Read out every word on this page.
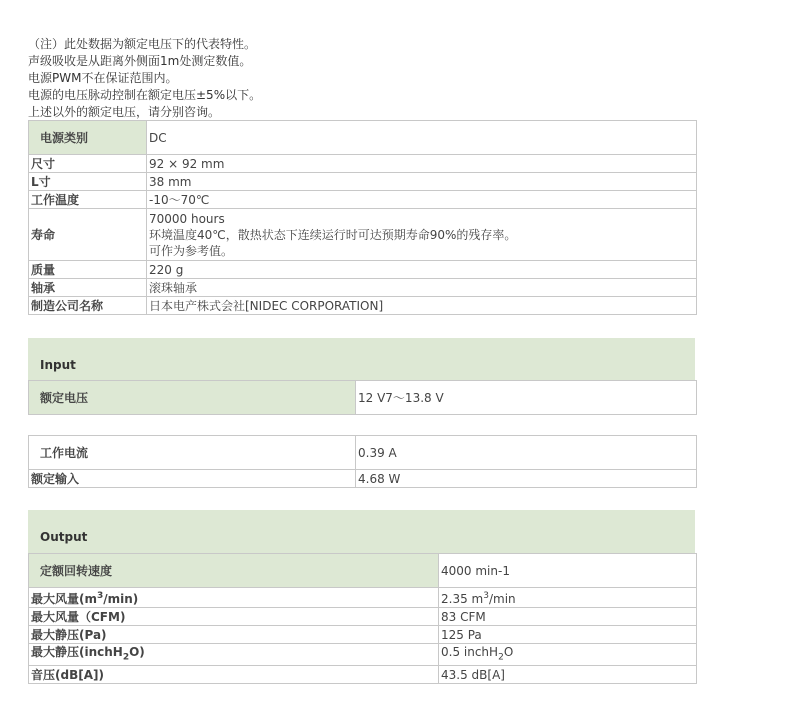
（注）此处数据为额定电压下的代表特性。
声级吸收是从距离外侧面1m处测定数值。
电源PWM不在保证范围内。
电源的电压脉动控制在额定电压±5%以下。
上述以外的额定电压，请分别咨询。
电源类别	DC
尺寸	92 × 92 mm
L寸	38 mm
工作温度	-10～70℃
寿命	70000 hours
环境温度40℃，散热状态下连续运行时可达预期寿命90%的残存率。
可作为参考值。

质量	220 g
轴承	滚珠轴承
制造公司名称	日本电产株式会社[NIDEC CORPORATION]
Input
额定电压	12 V7～13.8 V
工作电流	0.39 A
额定输入	4.68 W
Output
定额回转速度	4000 min-1
最大风量$(m^3/\min)$	2.35 $m^3/\min$
最大风量（CFM)	83 CFM
最大静压(Pa)	125 Pa
最大静压(inchH$_2$O)	0.5 inchH$_2$O
音压(dB[A])	43.5 dB[A]
